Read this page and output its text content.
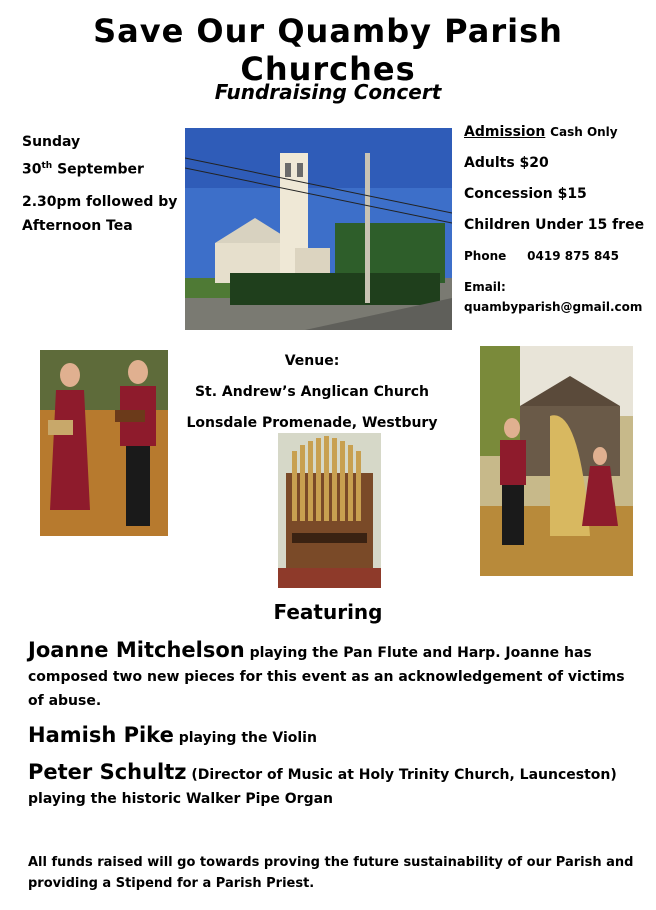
Save Our Quamby Parish Churches
Fundraising Concert

Sunday
30th September

2.30pm followed by Afternoon Tea

Admission Cash Only
Adults $20
Concession $15
Children Under 15 free
Phone 0419 875 845
Email:
quambyparish@gmail.com
Venue:
St. Andrew’s Anglican Church
Lonsdale Promenade, Westbury
Featuring

Joanne Mitchelson playing the Pan Flute and Harp. Joanne has composed two new pieces for this event as an acknowledgement of victims of abuse.

Hamish Pike playing the Violin

Peter Schultz (Director of Music at Holy Trinity Church, Launceston) playing the historic Walker Pipe Organ

All funds raised will go towards proving the future sustainability of our Parish and providing a Stipend for a Parish Priest.
